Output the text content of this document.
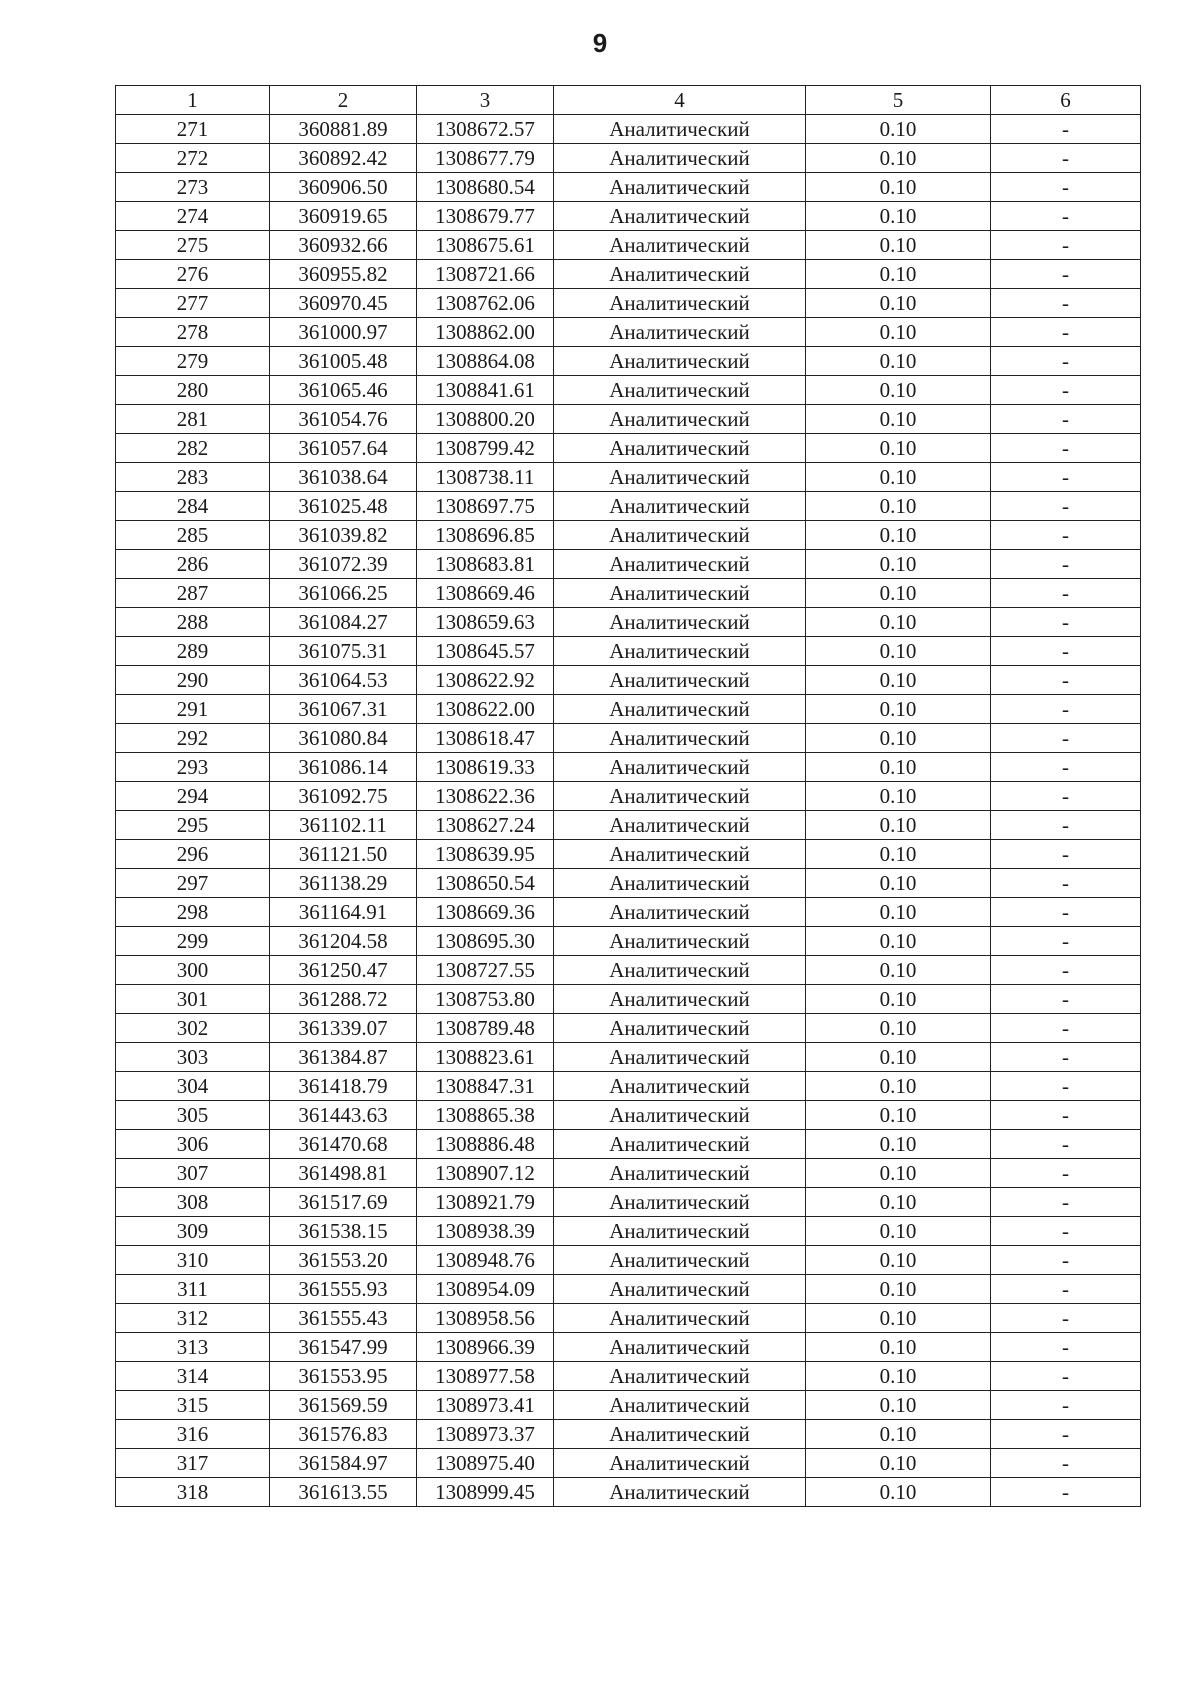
9
1	2	3	4	5	6
271	360881.89	1308672.57	Аналитический	0.10	-
272	360892.42	1308677.79	Аналитический	0.10	-
273	360906.50	1308680.54	Аналитический	0.10	-
274	360919.65	1308679.77	Аналитический	0.10	-
275	360932.66	1308675.61	Аналитический	0.10	-
276	360955.82	1308721.66	Аналитический	0.10	-
277	360970.45	1308762.06	Аналитический	0.10	-
278	361000.97	1308862.00	Аналитический	0.10	-
279	361005.48	1308864.08	Аналитический	0.10	-
280	361065.46	1308841.61	Аналитический	0.10	-
281	361054.76	1308800.20	Аналитический	0.10	-
282	361057.64	1308799.42	Аналитический	0.10	-
283	361038.64	1308738.11	Аналитический	0.10	-
284	361025.48	1308697.75	Аналитический	0.10	-
285	361039.82	1308696.85	Аналитический	0.10	-
286	361072.39	1308683.81	Аналитический	0.10	-
287	361066.25	1308669.46	Аналитический	0.10	-
288	361084.27	1308659.63	Аналитический	0.10	-
289	361075.31	1308645.57	Аналитический	0.10	-
290	361064.53	1308622.92	Аналитический	0.10	-
291	361067.31	1308622.00	Аналитический	0.10	-
292	361080.84	1308618.47	Аналитический	0.10	-
293	361086.14	1308619.33	Аналитический	0.10	-
294	361092.75	1308622.36	Аналитический	0.10	-
295	361102.11	1308627.24	Аналитический	0.10	-
296	361121.50	1308639.95	Аналитический	0.10	-
297	361138.29	1308650.54	Аналитический	0.10	-
298	361164.91	1308669.36	Аналитический	0.10	-
299	361204.58	1308695.30	Аналитический	0.10	-
300	361250.47	1308727.55	Аналитический	0.10	-
301	361288.72	1308753.80	Аналитический	0.10	-
302	361339.07	1308789.48	Аналитический	0.10	-
303	361384.87	1308823.61	Аналитический	0.10	-
304	361418.79	1308847.31	Аналитический	0.10	-
305	361443.63	1308865.38	Аналитический	0.10	-
306	361470.68	1308886.48	Аналитический	0.10	-
307	361498.81	1308907.12	Аналитический	0.10	-
308	361517.69	1308921.79	Аналитический	0.10	-
309	361538.15	1308938.39	Аналитический	0.10	-
310	361553.20	1308948.76	Аналитический	0.10	-
311	361555.93	1308954.09	Аналитический	0.10	-
312	361555.43	1308958.56	Аналитический	0.10	-
313	361547.99	1308966.39	Аналитический	0.10	-
314	361553.95	1308977.58	Аналитический	0.10	-
315	361569.59	1308973.41	Аналитический	0.10	-
316	361576.83	1308973.37	Аналитический	0.10	-
317	361584.97	1308975.40	Аналитический	0.10	-
318	361613.55	1308999.45	Аналитический	0.10	-
